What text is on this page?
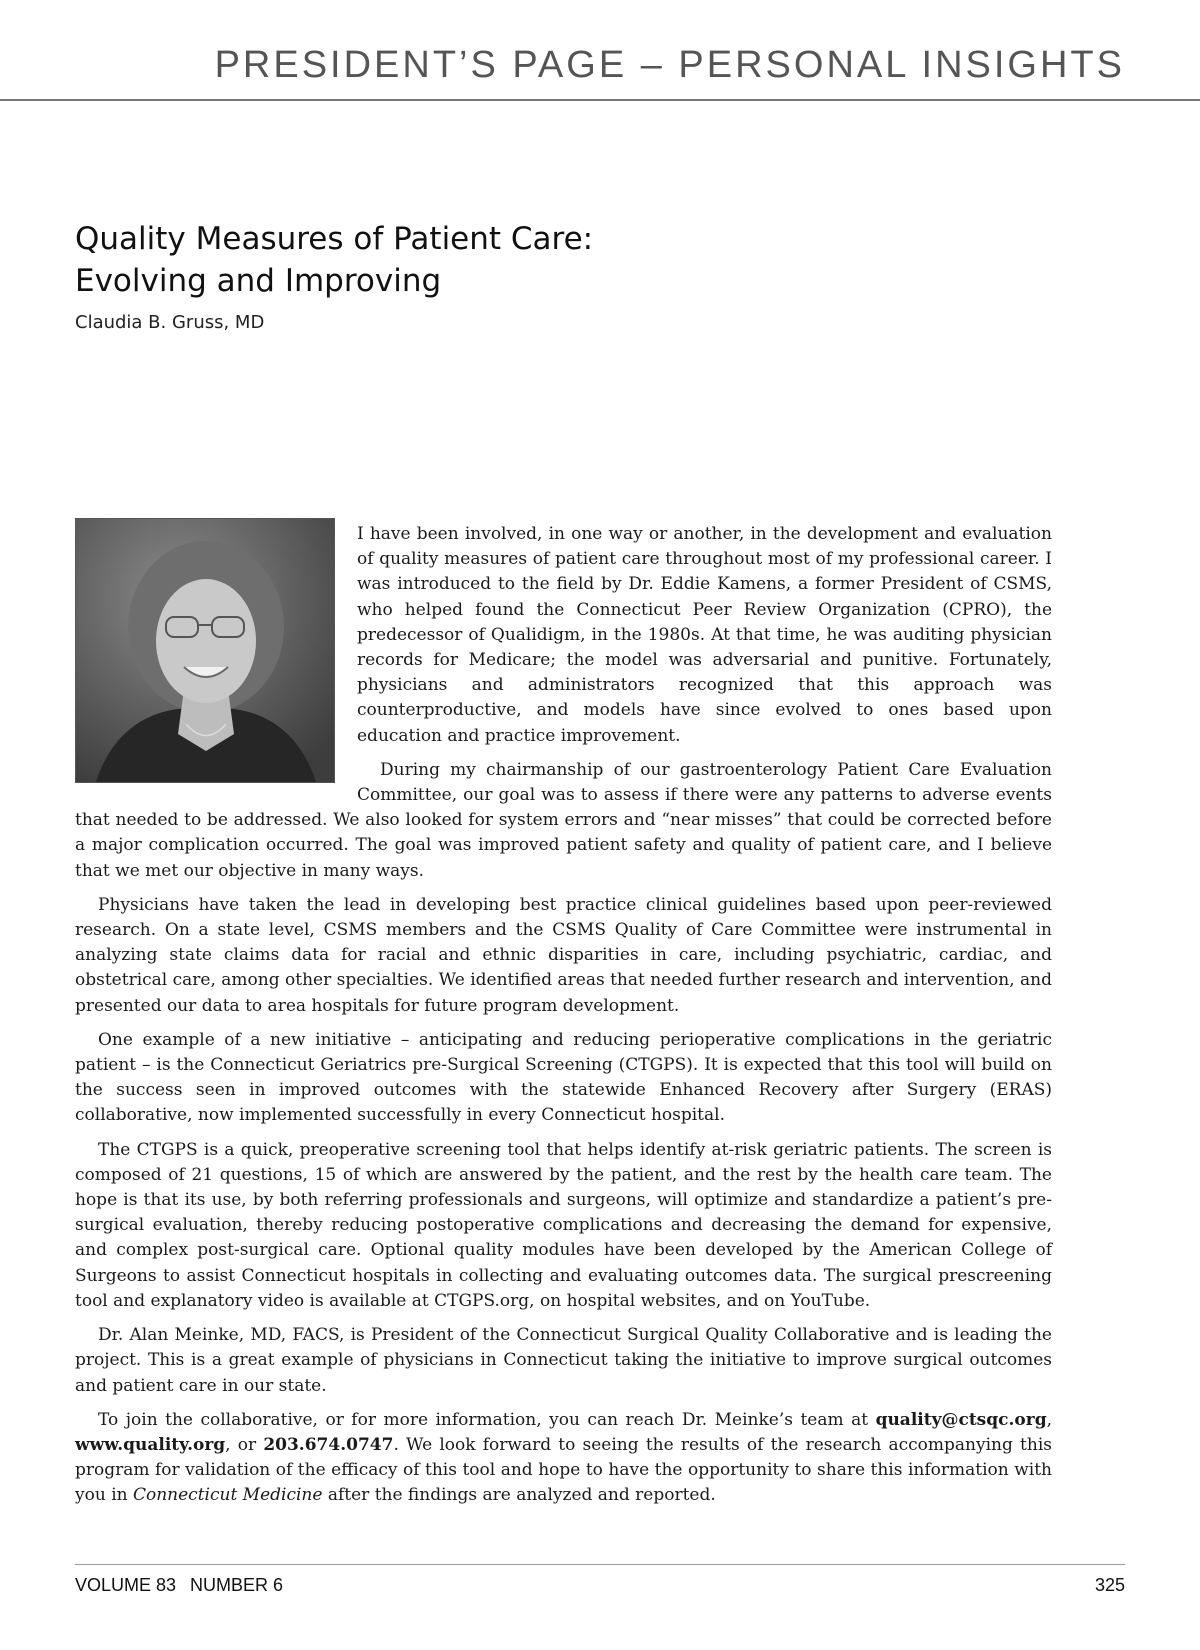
PRESIDENT’S PAGE – PERSONAL INSIGHTS
Quality Measures of Patient Care:
Evolving and Improving
Claudia B. Gruss, MD

I have been involved, in one way or another, in the development and evaluation of quality measures of patient care throughout most of my professional career. I was introduced to the field by Dr. Eddie Kamens, a former President of CSMS, who helped found the Connecticut Peer Review Organization (CPRO), the predecessor of Qualidigm, in the 1980s. At that time, he was auditing physician records for Medicare; the model was adversarial and punitive. Fortunately, physicians and administrators recognized that this approach was counterproductive, and models have since evolved to ones based upon education and practice improvement.

During my chairmanship of our gastroenterology Patient Care Evaluation Committee, our goal was to assess if there were any patterns to adverse events that needed to be addressed. We also looked for system errors and “near misses” that could be corrected before a major complication occurred. The goal was improved patient safety and quality of patient care, and I believe that we met our objective in many ways.

Physicians have taken the lead in developing best practice clinical guidelines based upon peer-reviewed research. On a state level, CSMS members and the CSMS Quality of Care Committee were instrumental in analyzing state claims data for racial and ethnic disparities in care, including psychiatric, cardiac, and obstetrical care, among other specialties. We identified areas that needed further research and intervention, and presented our data to area hospitals for future program development.

One example of a new initiative – anticipating and reducing perioperative complications in the geriatric patient – is the Connecticut Geriatrics pre-Surgical Screening (CTGPS). It is expected that this tool will build on the success seen in improved outcomes with the statewide Enhanced Recovery after Surgery (ERAS) collaborative, now implemented successfully in every Connecticut hospital.

The CTGPS is a quick, preoperative screening tool that helps identify at-risk geriatric patients. The screen is composed of 21 questions, 15 of which are answered by the patient, and the rest by the health care team. The hope is that its use, by both referring professionals and surgeons, will optimize and standardize a patient’s pre-surgical evaluation, thereby reducing postoperative complications and decreasing the demand for expensive, and complex post-surgical care. Optional quality modules have been developed by the American College of Surgeons to assist Connecticut hospitals in collecting and evaluating outcomes data. The surgical prescreening tool and explanatory video is available at CTGPS.org, on hospital websites, and on YouTube.

Dr. Alan Meinke, MD, FACS, is President of the Connecticut Surgical Quality Collaborative and is leading the project. This is a great example of physicians in Connecticut taking the initiative to improve surgical outcomes and patient care in our state.

To join the collaborative, or for more information, you can reach Dr. Meinke’s team at quality@ctsqc.org, www.quality.org, or 203.674.0747. We look forward to seeing the results of the research accompanying this program for validation of the efficacy of this tool and hope to have the opportunity to share this information with you in Connecticut Medicine after the findings are analyzed and reported.

VOLUME 83 NUMBER 6	325
